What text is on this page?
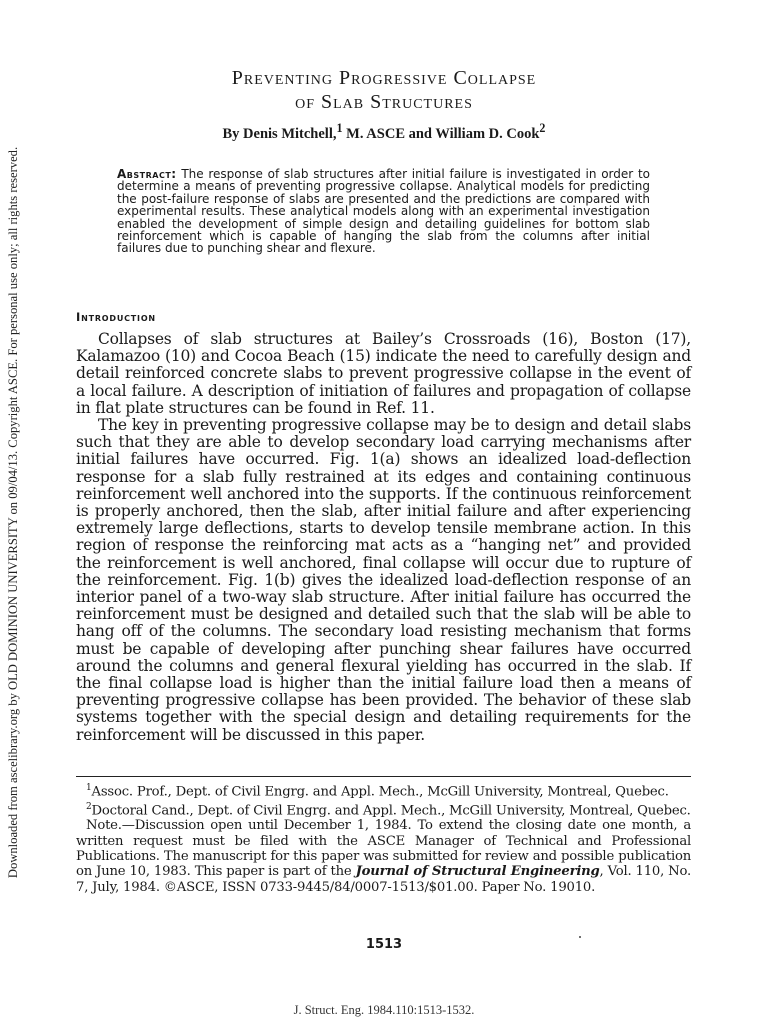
Downloaded from ascelibrary.org by OLD DOMINION UNIVERSITY on 09/04/13. Copyright ASCE. For personal use only; all rights reserved.
Preventing Progressive Collapse
of Slab Structures
By Denis Mitchell,$^1$ M. ASCE and William D. Cook$^2$
Abstract: The response of slab structures after initial failure is investigated in order to determine a means of preventing progressive collapse. Analytical models for predicting the post-failure response of slabs are presented and the predictions are compared with experimental results. These analytical models along with an experimental investigation enabled the development of simple design and detailing guidelines for bottom slab reinforcement which is capable of hanging the slab from the columns after initial failures due to punching shear and flexure.
Introduction

Collapses of slab structures at Bailey’s Crossroads (16), Boston (17), Kalamazoo (10) and Cocoa Beach (15) indicate the need to carefully design and detail reinforced concrete slabs to prevent progressive collapse in the event of a local failure. A description of initiation of failures and propagation of collapse in flat plate structures can be found in Ref. 11.

The key in preventing progressive collapse may be to design and detail slabs such that they are able to develop secondary load carrying mechanisms after initial failures have occurred. Fig. 1(a) shows an idealized load-deflection response for a slab fully restrained at its edges and containing continuous reinforcement well anchored into the supports. If the continuous reinforcement is properly anchored, then the slab, after initial failure and after experiencing extremely large deflections, starts to develop tensile membrane action. In this region of response the reinforcing mat acts as a “hanging net” and provided the reinforcement is well anchored, final collapse will occur due to rupture of the reinforcement. Fig. 1(b) gives the idealized load-deflection response of an interior panel of a two-way slab structure. After initial failure has occurred the reinforcement must be designed and detailed such that the slab will be able to hang off of the columns. The secondary load resisting mechanism that forms must be capable of developing after punching shear failures have occurred around the columns and general flexural yielding has occurred in the slab. If the final collapse load is higher than the initial failure load then a means of preventing progressive collapse has been provided. The behavior of these slab systems together with the special design and detailing requirements for the reinforcement will be discussed in this paper.

$^1$Assoc. Prof., Dept. of Civil Engrg. and Appl. Mech., McGill University, Montreal, Quebec.

$^2$Doctoral Cand., Dept. of Civil Engrg. and Appl. Mech., McGill University, Montreal, Quebec.

Note.—Discussion open until December 1, 1984. To extend the closing date one month, a written request must be filed with the ASCE Manager of Technical and Professional Publications. The manuscript for this paper was submitted for review and possible publication on June 10, 1983. This paper is part of the Journal of Structural Engineering, Vol. 110, No. 7, July, 1984. ©ASCE, ISSN 0733-9445/84/0007-1513/$01.00. Paper No. 19010.

1513
J. Struct. Eng. 1984.110:1513-1532.
